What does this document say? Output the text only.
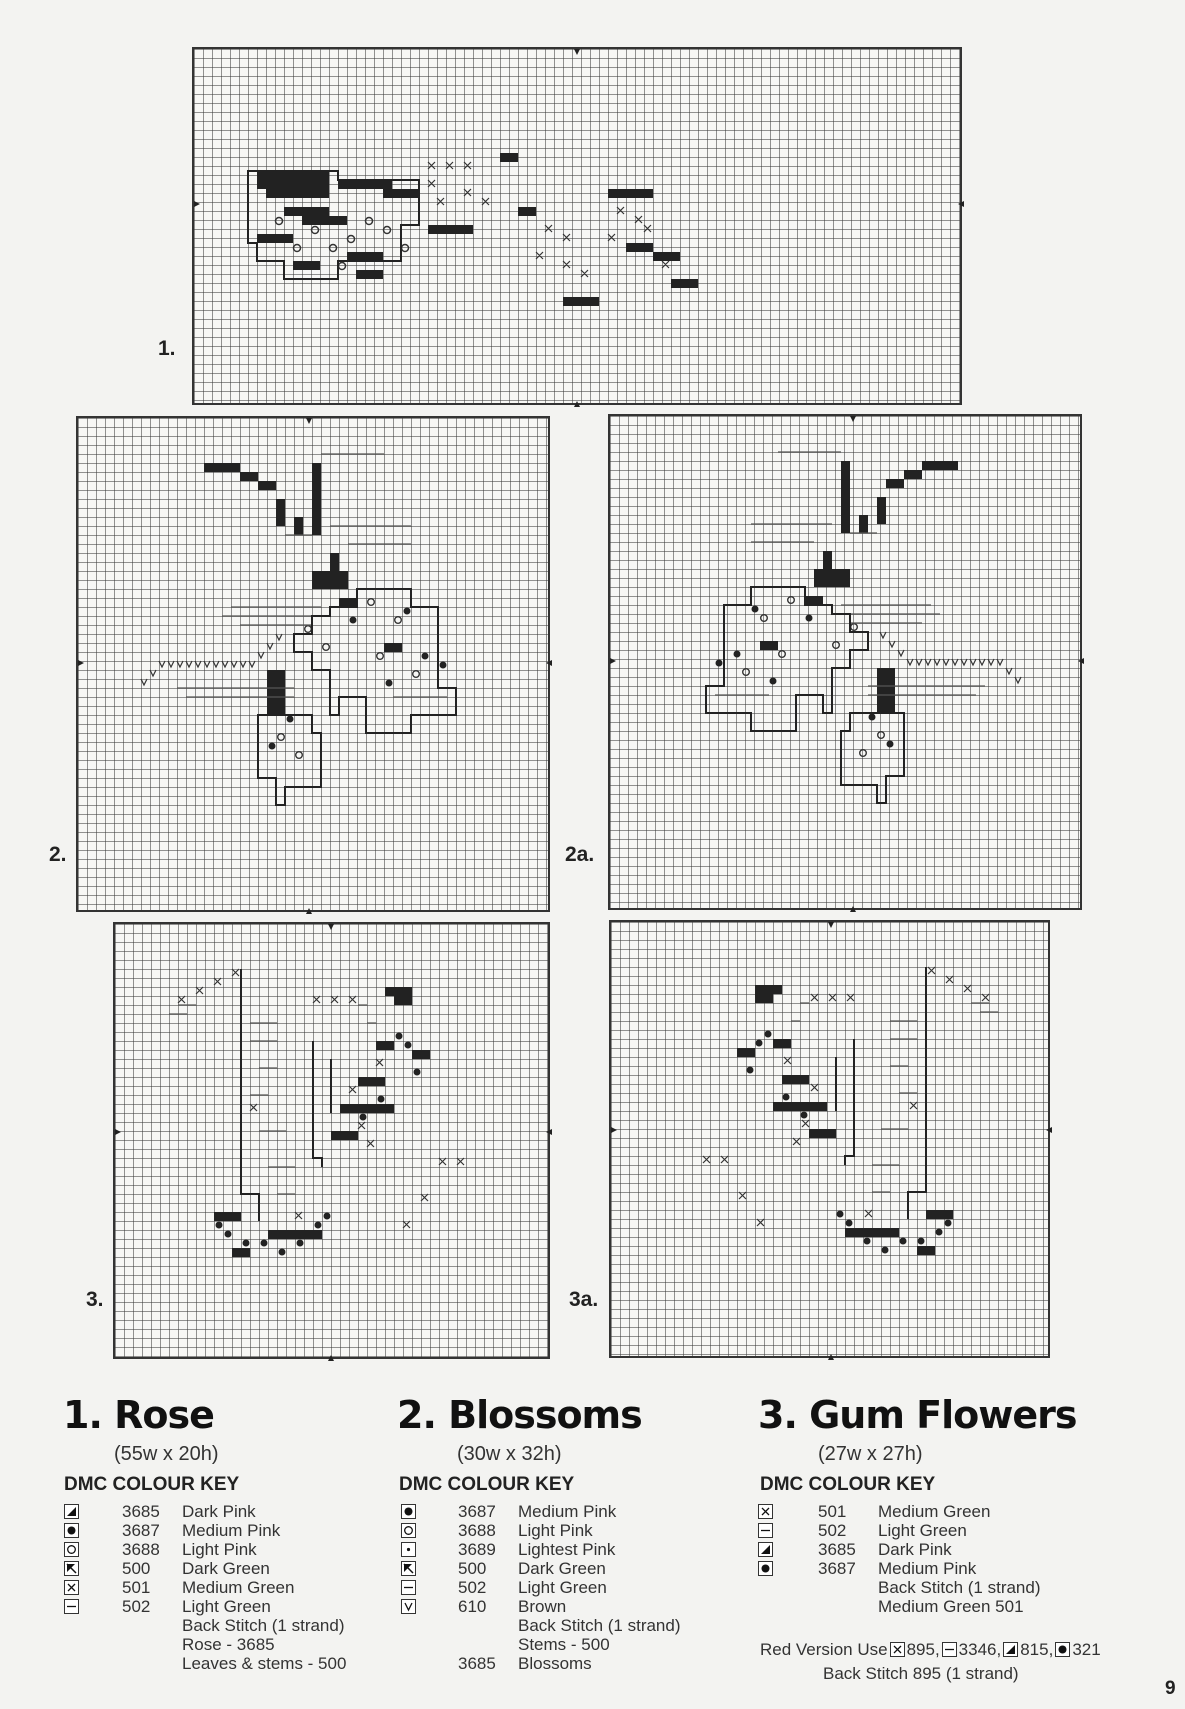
1.
2.	2a.
3.	3a.
1. Rose
(55w x 20h)
DMC COLOUR KEY
3685 Dark Pink
3687 Medium Pink
3688 Light Pink
500 Dark Green
501 Medium Green
502 Light Green
Back Stitch (1 strand)
Rose - 3685
Leaves & stems - 500
2. Blossoms
(30w x 32h)
DMC COLOUR KEY
3687 Medium Pink
3688 Light Pink
3689 Lightest Pink
500 Dark Green
502 Light Green
610 Brown
Back Stitch (1 strand)
Stems - 500
3685 Blossoms
3. Gum Flowers
(27w x 27h)
DMC COLOUR KEY
501 Medium Green
502 Light Green
3685 Dark Pink
3687 Medium Pink
Back Stitch (1 strand)
Medium Green 501
Red Version Use 895, 3346, 815, 321
Back Stitch 895 (1 strand)
9
